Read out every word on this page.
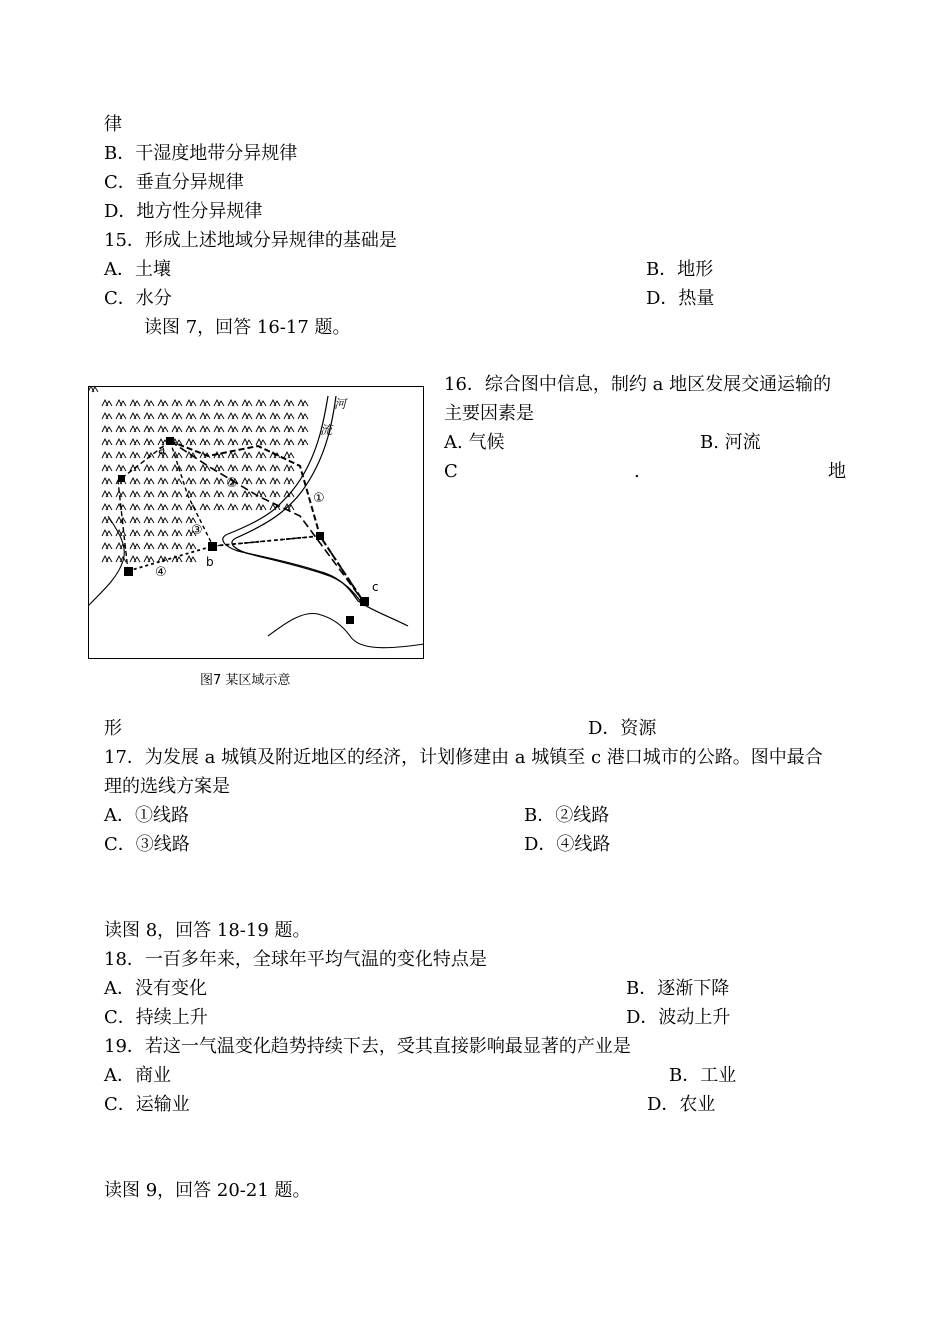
律
B．干湿度地带分异规律
C．垂直分异规律
D．地方性分异规律
15．形成上述地域分异规律的基础是
A．土壤	B．地形
C．水分	D．热量
读图 7，回答 16-17 题。
河
流
a
b
c
①
②
③
④
图7 某区域示意
16．综合图中信息，制约 a 地区发展交通运输的
主要因素是
A. 气候	B. 河流
C	.	地
形	D．资源
17．为发展 a 城镇及附近地区的经济，计划修建由 a 城镇至 c 港口城市的公路。图中最合
理的选线方案是
A．①线路	B．②线路
C．③线路	D．④线路
读图 8，回答 18-19 题。
18．一百多年来，全球年平均气温的变化特点是
A．没有变化	B．逐渐下降
C．持续上升	D．波动上升
19．若这一气温变化趋势持续下去，受其直接影响最显著的产业是
A．商业	B．工业
C．运输业	D．农业
读图 9，回答 20-21 题。
